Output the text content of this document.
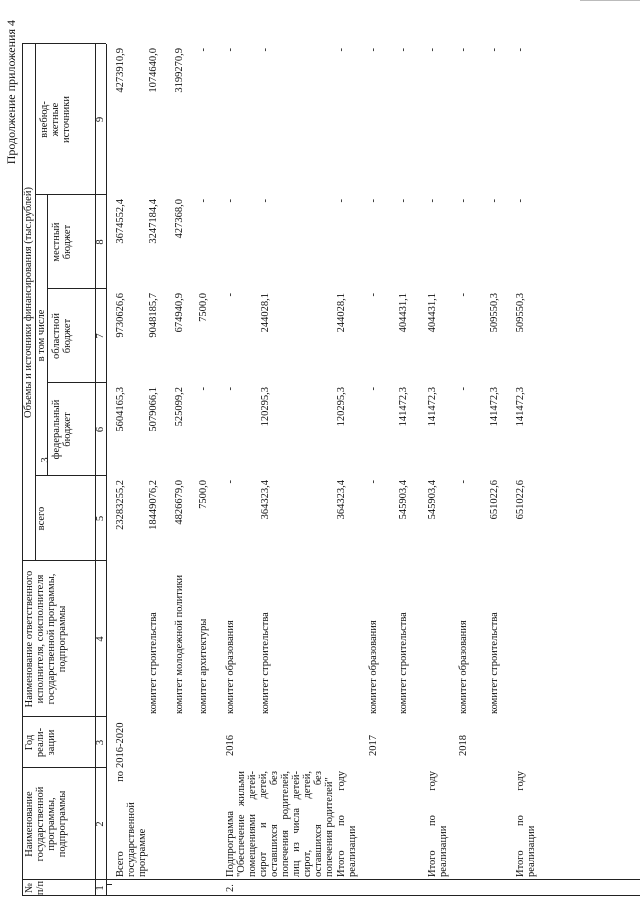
3
Продолжение приложения 4
№
п/п
Наименование
государственной
программы,
подпрограммы
Год
реали-
зации
Наименование ответственного
исполнителя, соисполнителя
государственной программы,
подпрограммы
Объемы и источники финансирования (тыс.рублей)
всего
в том числе
федеральный
бюджет
областной
бюджет
местный
бюджет
внебюд-
жетные
источники
1
2
3
4
5
6
7
8
9
Всего по государственной программе
2016-2020
23283255,2
5604165,3
9730626,6
3674552,4
4273910,9
комитет строительства
18449076,2
5079066,1
9048185,7
3247184,4
1074640,0
комитет молодежной политики
4826679,0
525099,2
674940,9
427368,0
3199270,9
комитет архитектуры
7500,0
-
7500,0
-
-
2.
Подпрограмма "Обеспечение жильми помещениями детей-сирот и детей, оставшихся без попечения родителей, лиц из числа детей-сирот, детей, оставшихся без попечения родителей"
2016
комитет образования
-
-
-
-
-
комитет строительства
364323,4
120295,3
244028,1
-
-
Итого по году реализации
364323,4
120295,3
244028,1
-
-
2017
комитет образования
-
-
-
-
-
комитет строительства
545903,4
141472,3
404431,1
-
-
Итого по году реализации
545903,4
141472,3
404431,1
-
-
2018
комитет образования
-
-
-
-
-
комитет строительства
651022,6
141472,3
509550,3
-
-
Итого по году реализации
651022,6
141472,3
509550,3
-
-
